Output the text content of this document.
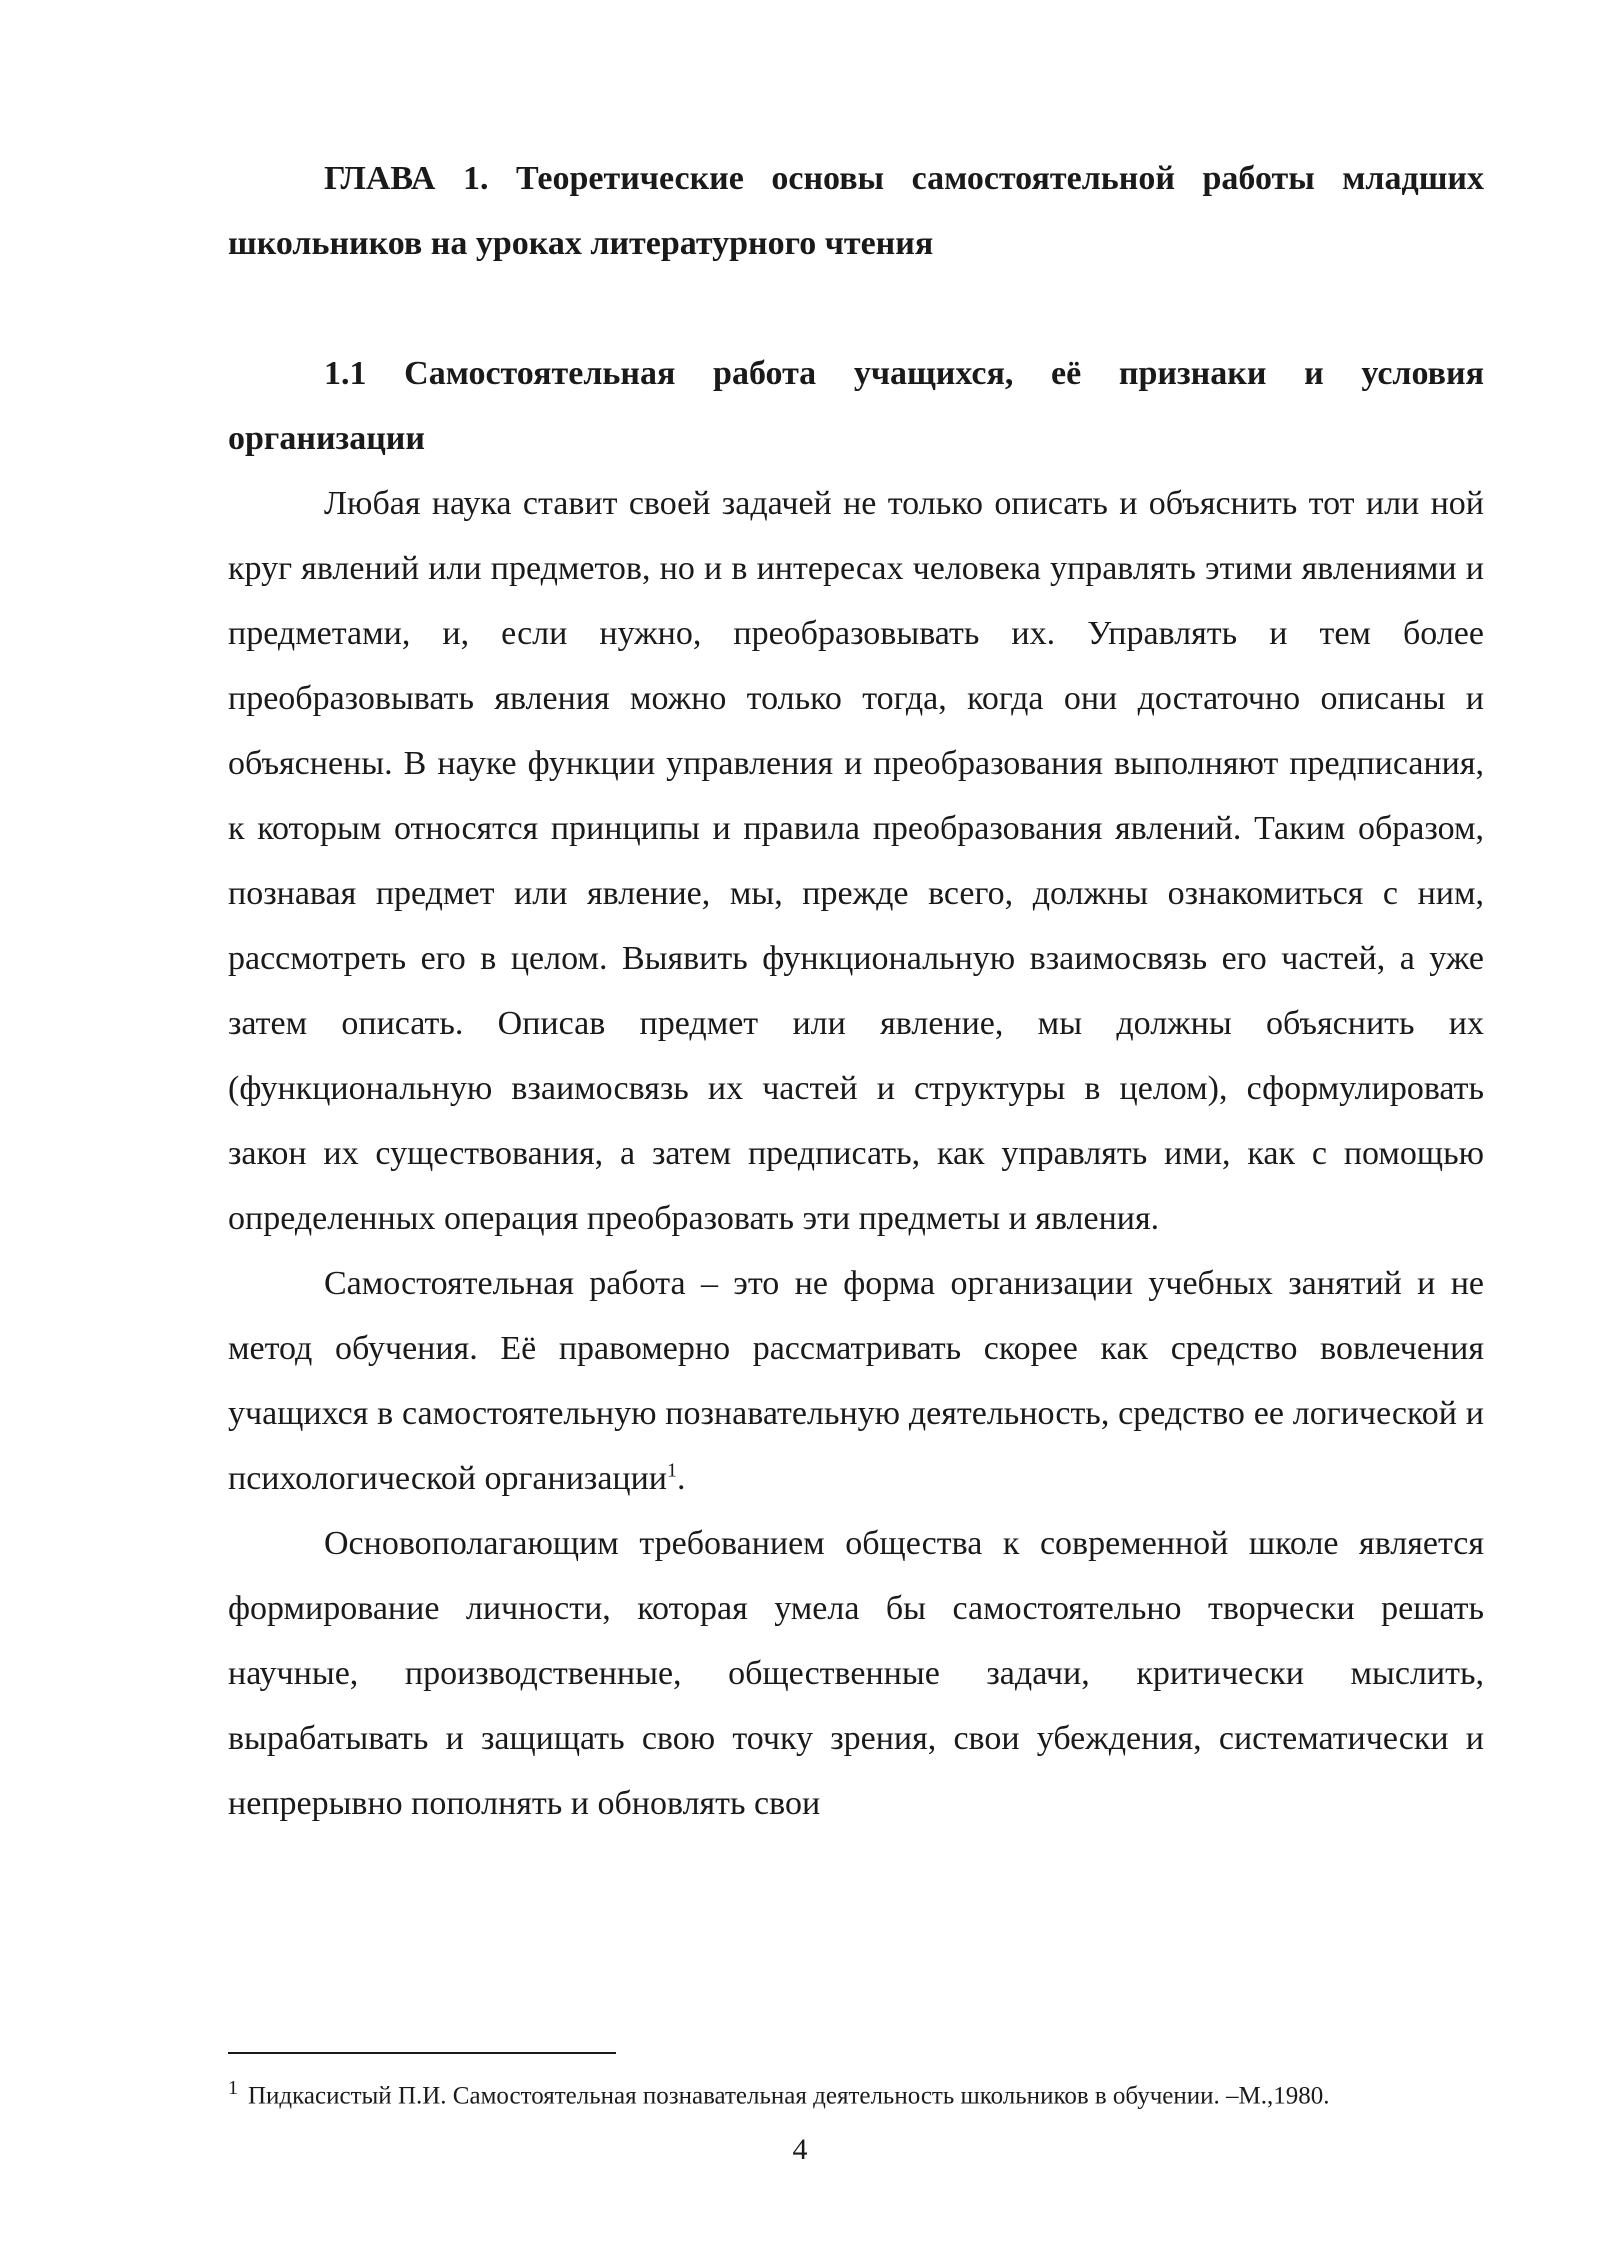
ГЛАВА 1. Теоретические основы самостоятельной работы младших школьников на уроках литературного чтения

1.1 Самостоятельная работа учащихся, её признаки и условия организации

Любая наука ставит своей задачей не только описать и объяснить тот или ной круг явлений или предметов, но и в интересах человека управлять этими явлениями и предметами, и, если нужно, преобразовывать их. Управлять и тем более преобразовывать явления можно только тогда, когда они достаточно описаны и объяснены. В науке функции управления и преобразования выполняют предписания, к которым относятся принципы и правила преобразования явлений. Таким образом, познавая предмет или явление, мы, прежде всего, должны ознакомиться с ним, рассмотреть его в целом. Выявить функциональную взаимосвязь его частей, а уже затем описать. Описав предмет или явление, мы должны объяснить их (функциональную взаимосвязь их частей и структуры в целом), сформулировать закон их существования, а затем предписать, как управлять ими, как с помощью определенных операция преобразовать эти предметы и явления.

Самостоятельная работа – это не форма организации учебных занятий и не метод обучения. Её правомерно рассматривать скорее как средство вовлечения учащихся в самостоятельную познавательную деятельность, средство ее логической и психологической организации$^1$.

Основополагающим требованием общества к современной школе является формирование личности, которая умела бы самостоятельно творчески решать научные, производственные, общественные задачи, критически мыслить, вырабатывать и защищать свою точку зрения, свои убеждения, систематически и непрерывно пополнять и обновлять свои

$^1$ Пидкасистый П.И. Самостоятельная познавательная деятельность школьников в обучении. –М.,1980.
4
